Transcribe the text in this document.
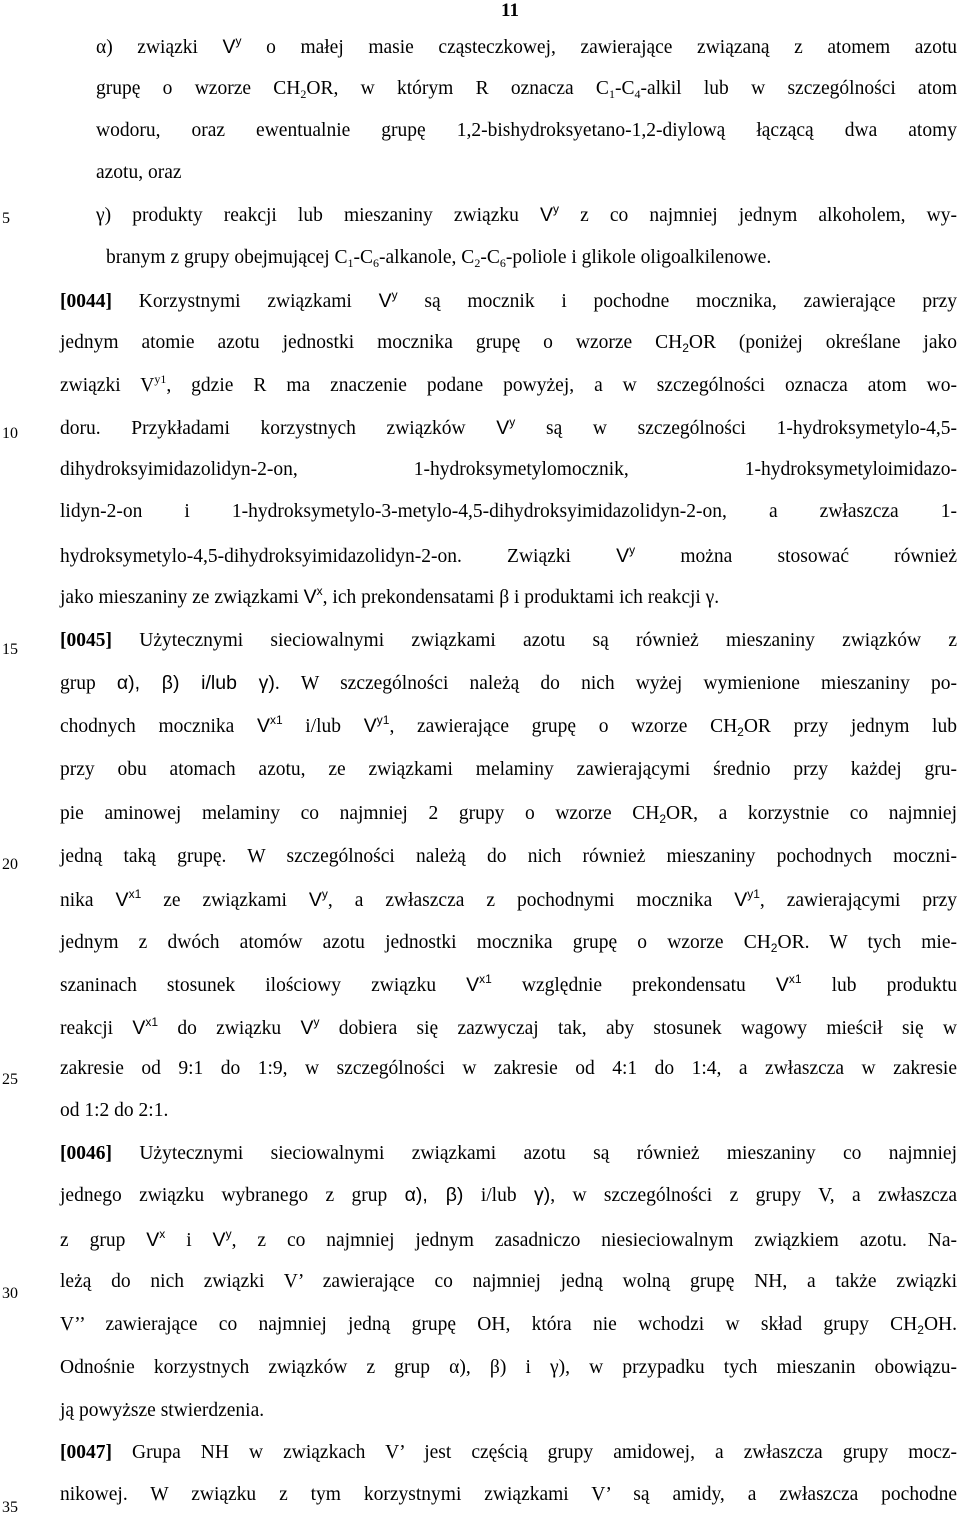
11
5
10
15
20
25
30
35
α) związki $V^y$ o małej masie cząsteczkowej, zawierające związaną z atomem azotu
grupę o wzorze $CH_2OR$, w którym R oznacza $C_1-C_4$-alkil lub w szczególności atom
wodoru, oraz ewentualnie grupę 1,2-bishydroksyetano-1,2-diylową łączącą dwa atomy
azotu, oraz
γ) produkty reakcji lub mieszaniny związku $V^y$ z co najmniej jednym alkoholem, wy-
branym z grupy obejmującej $C_1-C_6$-alkanole, $C_2-C_6$-poliole i glikole oligoalkilenowe.
[0044] Korzystnymi związkami $V^y$ są mocznik i pochodne mocznika, zawierające przy
jednym atomie azotu jednostki mocznika grupę o wzorze $CH_2OR$ (poniżej określane jako
związki $V^{y1}$, gdzie R ma znaczenie podane powyżej, a w szczególności oznacza atom wo-
doru. Przykładami korzystnych związków $V^y$ są w szczególności 1-hydroksymetylo-4,5-
dihydroksyimidazolidyn-2-on, 1-hydroksymetylomocznik, 1-hydroksymetyloimidazo-
lidyn-2-on i 1-hydroksymetylo-3-metylo-4,5-dihydroksyimidazolidyn-2-on, a zwłaszcza 1-
hydroksymetylo-4,5-dihydroksyimidazolidyn-2-on. Związki $V^y$ można stosować również
jako mieszaniny ze związkami $V^x$, ich prekondensatami β i produktami ich reakcji γ.
[0045] Użytecznymi sieciowalnymi związkami azotu są również mieszaniny związków z
grup α), β) i/lub γ). W szczególności należą do nich wyżej wymienione mieszaniny po-
chodnych mocznika $V^{x1}$ i/lub $V^{y1}$, zawierające grupę o wzorze $CH_2OR$ przy jednym lub
przy obu atomach azotu, ze związkami melaminy zawierającymi średnio przy każdej gru-
pie aminowej melaminy co najmniej 2 grupy o wzorze $CH_2OR$, a korzystnie co najmniej
jedną taką grupę. W szczególności należą do nich również mieszaniny pochodnych moczni-
nika $V^{x1}$ ze związkami $V^y$, a zwłaszcza z pochodnymi mocznika $V^{y1}$, zawierającymi przy
jednym z dwóch atomów azotu jednostki mocznika grupę o wzorze $CH_2OR$. W tych mie-
szaninach stosunek ilościowy związku $V^{x1}$ względnie prekondensatu $V^{x1}$ lub produktu
reakcji $V^{x1}$ do związku $V^y$ dobiera się zazwyczaj tak, aby stosunek wagowy mieścił się w
zakresie od 9:1 do 1:9, w szczególności w zakresie od 4:1 do 1:4, a zwłaszcza w zakresie
od 1:2 do 2:1.
[0046] Użytecznymi sieciowalnymi związkami azotu są również mieszaniny co najmniej
jednego związku wybranego z grup α), β) i/lub γ), w szczególności z grupy V, a zwłaszcza
z grup $V^x$ i $V^y$, z co najmniej jednym zasadniczo niesieciowalnym związkiem azotu. Na-
leżą do nich związki V’ zawierające co najmniej jedną wolną grupę NH, a także związki
V’’ zawierające co najmniej jedną grupę OH, która nie wchodzi w skład grupy $CH_2OH$.
Odnośnie korzystnych związków z grup α), β) i γ), w przypadku tych mieszanin obowiązu-
ją powyższe stwierdzenia.
[0047] Grupa NH w związkach V’ jest częścią grupy amidowej, a zwłaszcza grupy mocz-
nikowej. W związku z tym korzystnymi związkami V’ są amidy, a zwłaszcza pochodne
